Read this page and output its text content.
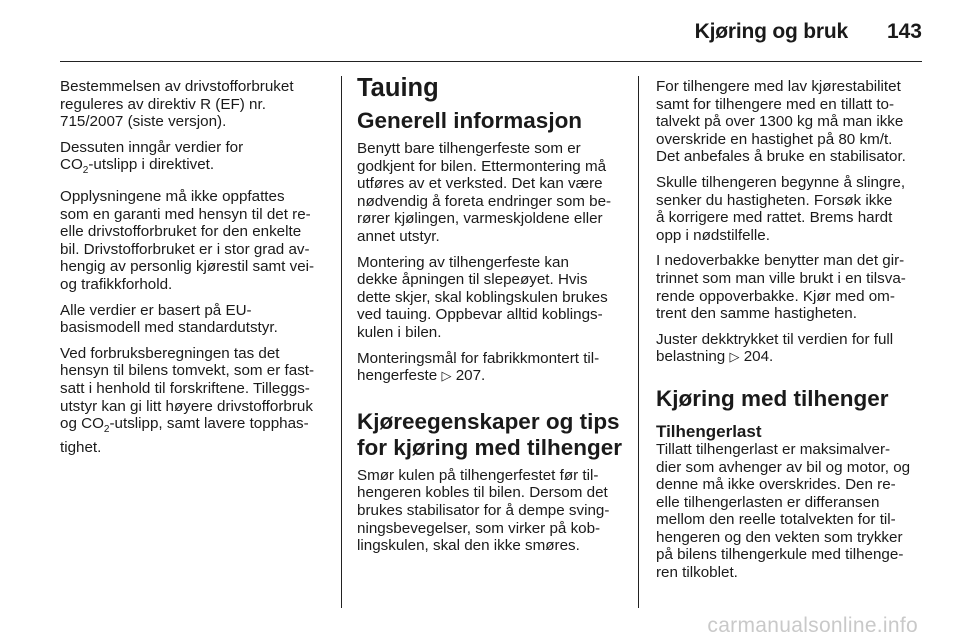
Kjøring og bruk 143

Bestemmelsen av drivstofforbruket
reguleres av direktiv R (EF) nr.
715/2007 (siste versjon).

Dessuten inngår verdier for
$CO_2$-utslipp i direktivet.

Opplysningene må ikke oppfattes
som en garanti med hensyn til det re-
elle drivstofforbruket for den enkelte
bil. Drivstofforbruket er i stor grad av-
hengig av personlig kjørestil samt vei-
og trafikkforhold.

Alle verdier er basert på EU-
basismodell med standardutstyr.

Ved forbruksberegningen tas det
hensyn til bilens tomvekt, som er fast-
satt i henhold til forskriftene. Tilleggs-
utstyr kan gi litt høyere drivstofforbruk
og $CO_2$-utslipp, samt lavere topphas-
tighet.

Tauing
Generell informasjon

Benytt bare tilhengerfeste som er
godkjent for bilen. Ettermontering må
utføres av et verksted. Det kan være
nødvendig å foreta endringer som be-
rører kjølingen, varmeskjoldene eller
annet utstyr.

Montering av tilhengerfeste kan
dekke åpningen til slepeøyet. Hvis
dette skjer, skal koblingskulen brukes
ved tauing. Oppbevar alltid koblings-
kulen i bilen.

Monteringsmål for fabrikkmontert til-
hengerfeste ▷ 207.

Kjøreegenskaper og tips
for kjøring med tilhenger

Smør kulen på tilhengerfestet før til-
hengeren kobles til bilen. Dersom det
brukes stabilisator for å dempe sving-
ningsbevegelser, som virker på kob-
lingskulen, skal den ikke smøres.

For tilhengere med lav kjørestabilitet
samt for tilhengere med en tillatt to-
talvekt på over 1300 kg må man ikke
overskride en hastighet på 80 km/t.
Det anbefales å bruke en stabilisator.

Skulle tilhengeren begynne å slingre,
senker du hastigheten. Forsøk ikke
å korrigere med rattet. Brems hardt
opp i nødstilfelle.

I nedoverbakke benytter man det gir-
trinnet som man ville brukt i en tilsva-
rende oppoverbakke. Kjør med om-
trent den samme hastigheten.

Juster dekktrykket til verdien for full
belastning ▷ 204.

Kjøring med tilhenger
Tilhengerlast

Tillatt tilhengerlast er maksimalver-
dier som avhenger av bil og motor, og
denne må ikke overskrides. Den re-
elle tilhengerlasten er differansen
mellom den reelle totalvekten for til-
hengeren og den vekten som trykker
på bilens tilhengerkule med tilhenge-
ren tilkoblet.

carmanualsonline.info
